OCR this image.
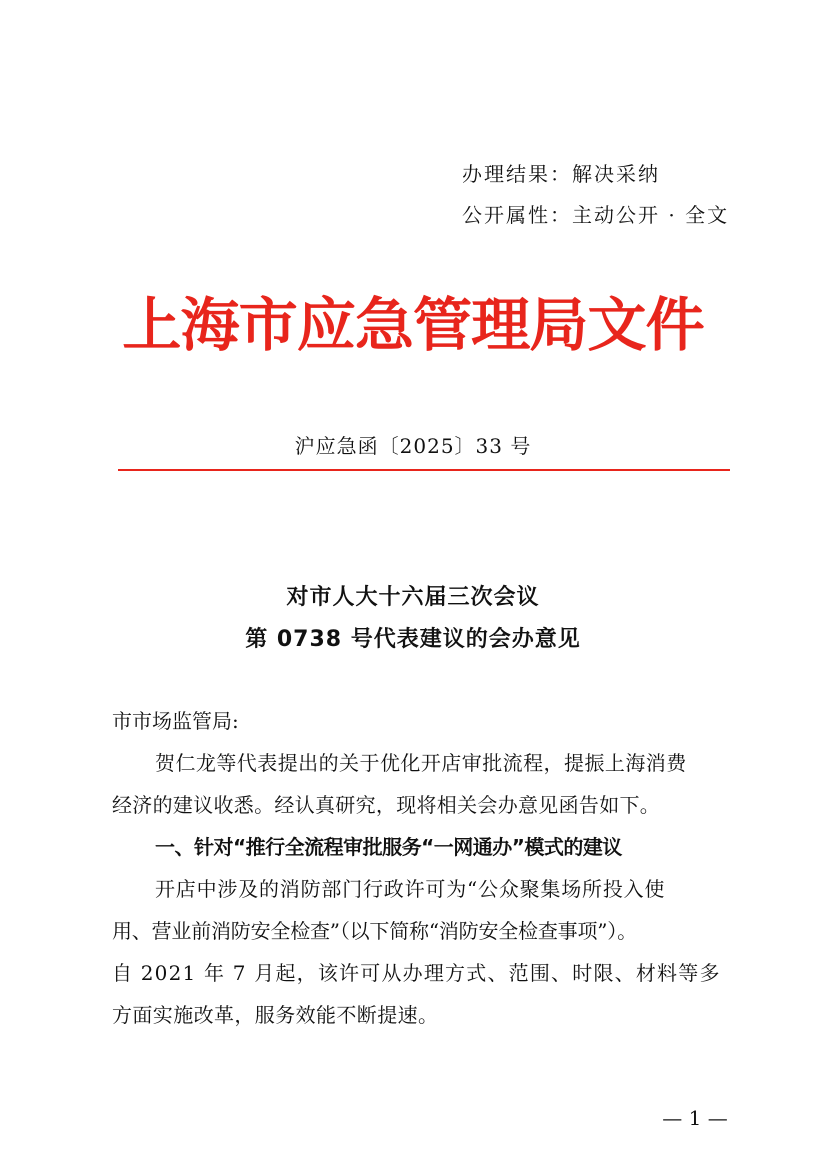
办理结果：解决采纳
公开属性：主动公开 · 全文
上海市应急管理局文件
沪应急函〔2025〕33 号
对市人大十六届三次会议
第 0738 号代表建议的会办意见
市市场监管局:
贺仁龙等代表提出的关于优化开店审批流程，提振上海消费
经济的建议收悉。经认真研究，现将相关会办意见函告如下。
一、针对“推行全流程审批服务“一网通办”模式的建议
开店中涉及的消防部门行政许可为“公众聚集场所投入使
用、营业前消防安全检查”（以下简称“消防安全检查事项”）。
自 2021 年 7 月起，该许可从办理方式、范围、时限、材料等多
方面实施改革，服务效能不断提速。
— 1 —
